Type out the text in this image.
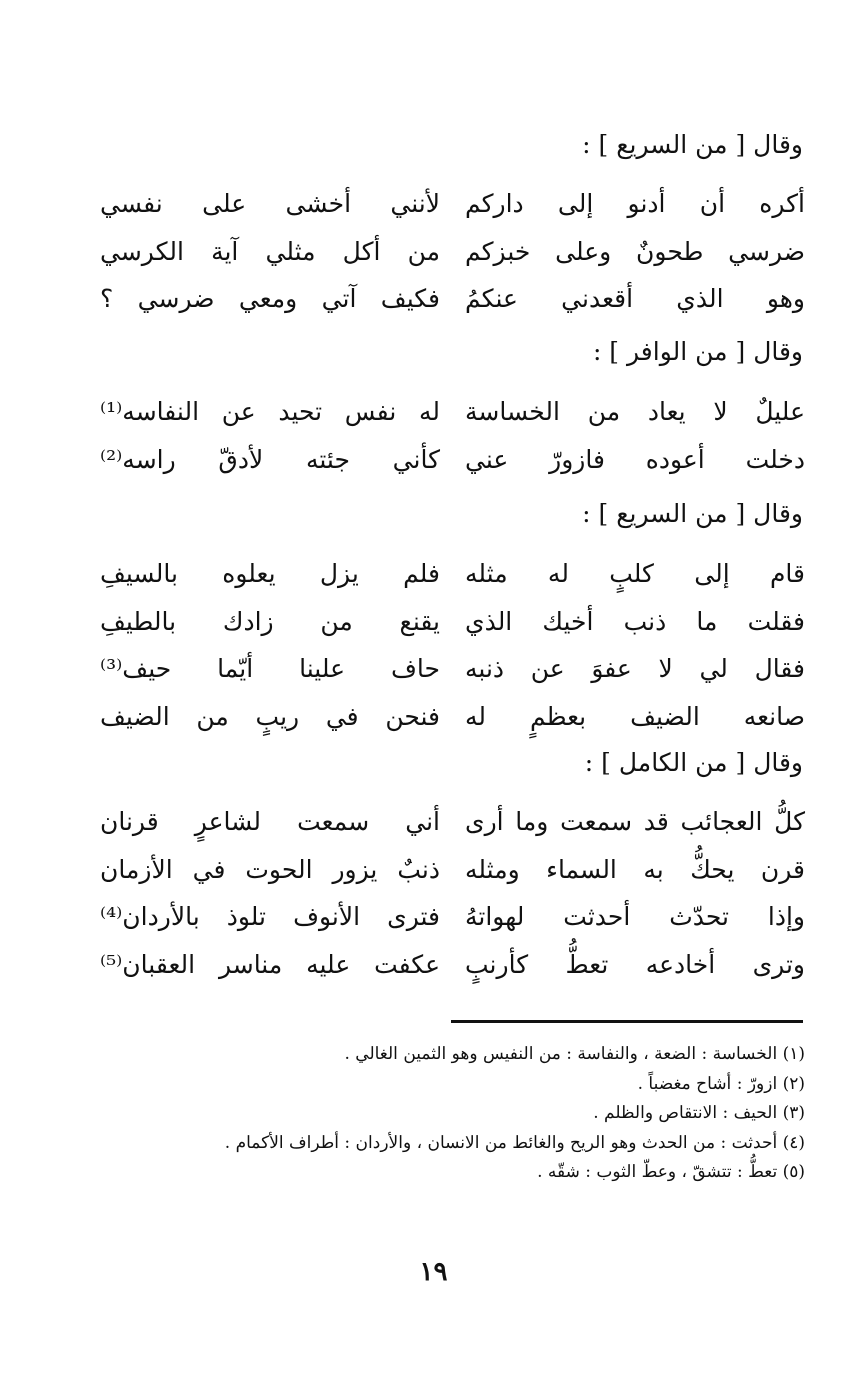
وقال [ من السريع ] :
أكره أن أدنو إلى داركم
لأنني أخشى على نفسي
ضرسي طحونٌ وعلى خبزكم
من أكل مثلي آية الكرسي
وهو الذي أقعدني عنكمُ
فكيف آتي ومعي ضرسي ؟
وقال [ من الوافر ] :
عليلٌ لا يعاد من الخساسة
له نفس تحيد عن النفاسه⁽¹⁾
دخلت أعوده فازورّ عني
كأني جئته لأدقّ راسه⁽²⁾
وقال [ من السريع ] :
قام إلى كلبٍ له مثله
فلم يزل يعلوه بالسيفِ
فقلت ما ذنب أخيك الذي
يقنع من زادك بالطيفِ
فقال لي لا عفوَ عن ذنبه
حاف علينا أيّما حيف⁽³⁾
صانعه الضيف بعظمٍ له
فنحن في ريبٍ من الضيف
وقال [ من الكامل ] :
كلُّ العجائب قد سمعت وما أرى
أني سمعت لشاعرٍ قرنان
قرن يحكُّ به السماء ومثله
ذنبٌ يزور الحوت في الأزمان
وإذا تحدّث أحدثت لهواتهُ
فترى الأنوف تلوذ بالأردان⁽⁴⁾
وترى أخادعه تعطُّ كأرنبٍ
عكفت عليه مناسر العقبان⁽⁵⁾
(١) الخساسة : الضعة ، والنفاسة : من النفيس وهو الثمين الغالي .
(٢) ازورّ : أشاح مغضباً .
(٣) الحيف : الانتقاص والظلم .
(٤) أحدثت : من الحدث وهو الريح والغائط من الانسان ، والأردان : أطراف الأكمام .
(٥) تعطُّ : تتشقّ ، وعطّ الثوب : شقّه .
١٩
